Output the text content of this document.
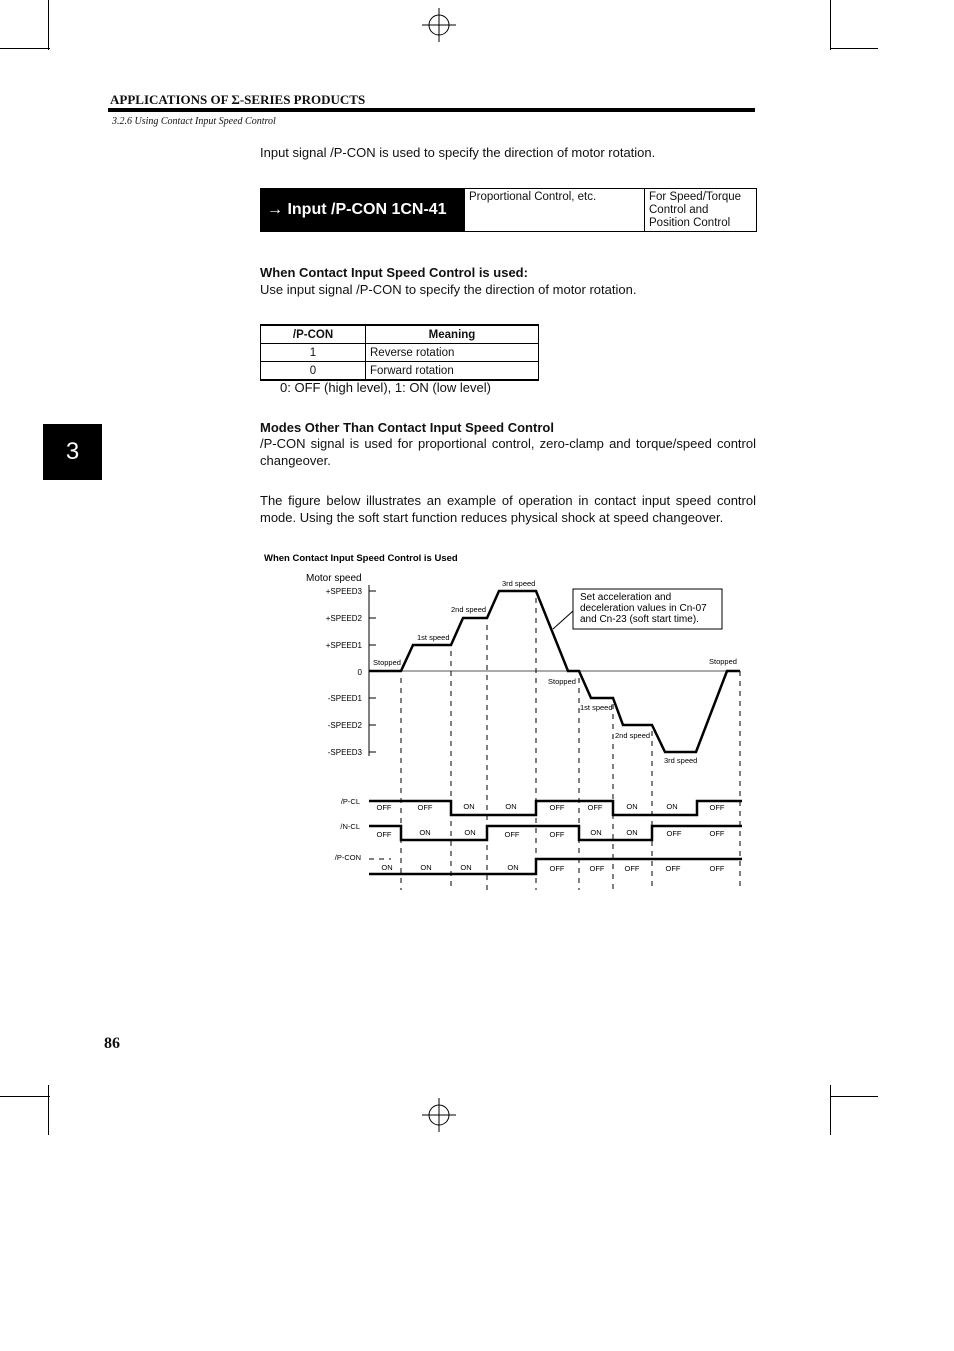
APPLICATIONS OF Σ-SERIES PRODUCTS
3.2.6 Using Contact Input Speed Control
Input signal /P-CON is used to specify the direction of motor rotation.
→
Input /P-CON 1CN-41
Proportional Control, etc.	For Speed/Torque Control and Position Control
When Contact Input Speed Control is used:
Use input signal /P-CON to specify the direction of motor rotation.
/P-CON	Meaning
1	Reverse rotation
0	Forward rotation
0: OFF (high level), 1: ON (low level)
Modes Other Than Contact Input Speed Control
/P-CON signal is used for proportional control, zero-clamp and torque/speed control changeover.
The figure below illustrates an example of operation in contact input speed control mode. Using the soft start function reduces physical shock at speed changeover.
3
When Contact Input Speed Control is Used
Motor speed
+SPEED3
+SPEED2
+SPEED1
0
-SPEED1
-SPEED2
-SPEED3
Stopped
1st speed
2nd speed
3rd speed
Stopped
1st speed
2nd speed
3rd speed
Stopped
Set acceleration and
deceleration values in Cn-07
and Cn-23 (soft start time).
/P-CL
/N-CL
/P-CON
OFF	OFF	ON	ON	OFF	OFF	ON	ON	OFF
OFF	ON	ON	OFF	OFF	ON	ON	OFF	OFF
ON	ON	ON	ON	OFF	OFF	OFF	OFF	OFF
86
